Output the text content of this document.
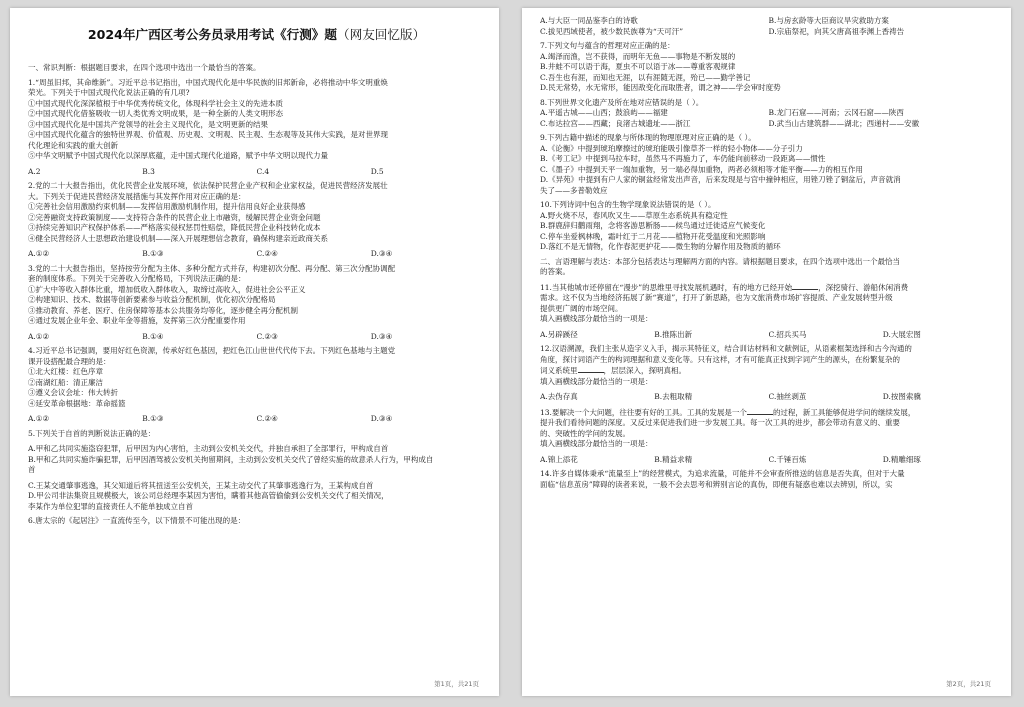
2024年广西区考公务员录用考试《行测》题（网友回忆版）
一、常识判断：根据题目要求，在四个选项中选出一个最恰当的答案。
1.“周虽旧邦，其命维新”。习近平总书记指出，中国式现代化是中华民族的旧邦新命，必将推动中华文明重焕
荣光。下列关于中国式现代化说法正确的有几项?
①中国式现代化深深植根于中华优秀传统文化，体现科学社会主义的先进本质
②中国式现代化借鉴吸收一切人类优秀文明成果，是一种全新的人类文明形态
③中国式现代化是中国共产党领导的社会主义现代化，是文明更新的结果
④中国式现代化蕴含的独特世界观、价值观、历史观、文明观、民主观、生态观等及其伟大实践，是对世界现
代化理论和实践的重大创新
⑤中华文明赋予中国式现代化以深厚底蕴，走中国式现代化道路，赋予中华文明以现代力量
A.2	B.3	C.4	D.5
2.党的二十大报告指出，优化民营企业发展环境，依法保护民营企业产权和企业家权益，促进民营经济发展壮
大。下列关于促进民营经济发展措施与其发挥作用对应正确的是：
①完善社会信用激励约束机制——发挥信用激励机制作用，提升信用良好企业获得感
②完善融资支持政策制度——支持符合条件的民营企业上市融资，缓解民营企业资金问题
③持续完善知识产权保护体系——严格落实侵权惩罚性赔偿，降低民营企业科技转化成本
④健全民营经济人士思想政治建设机制——深入开展理想信念教育，确保构建亲近政商关系
A.①②	B.①③	C.②④	D.③④
3.党的二十大报告指出，坚持按劳分配为主体、多种分配方式并存，构建初次分配、再分配、第三次分配协调配
套的制度体系。下列关于完善收入分配格局，下列说法正确的是：
①扩大中等收入群体比重，增加低收入群体收入，取缔过高收入，促进社会公平正义
②构建知识、技术、数据等创新要素参与收益分配机制，优化初次分配格局
③推动教育、养老、医疗、住房保障等基本公共服务均等化，逐步健全再分配机制
④通过发展企业年金、职业年金等措施，发挥第三次分配重要作用
A.①②	B.①④	C.②③	D.③④
4.习近平总书记强调，要用好红色资源，传承好红色基因，把红色江山世世代代传下去。下列红色基地与主题党
课开设搭配最合理的是：
①北大红楼：红色序章
②南湖红船：清正廉洁
③遵义会议会址：伟大转折
④延安革命根据地：革命摇篮
A.①②	B.①③	C.②④	D.③④
5.下列关于自首的判断说法正确的是：
A.甲和乙共同实施盗窃犯罪，后甲因为内心害怕，主动到公安机关交代，并独自承担了全部罪行，甲构成自首
B.甲和乙共同实施诈骗犯罪，后甲因酒驾被公安机关拘留期间，主动到公安机关交代了曾经实施的故意杀人行为，甲构成自
首
C.王某交通肇事逃逸，其父知道后将其扭送至公安机关，王某主动交代了其肇事逃逸行为，王某构成自首
D.甲公司非法集资且规模极大，该公司总经理李某因为害怕，瞒着其他高管偷偷到公安机关交代了相关情况，
李某作为单位犯罪的直接责任人不能单独成立自首
6.唐太宗的《起居注》一直流传至今，以下情景不可能出现的是：
第1页，共21页
A.与大臣一同品鉴李白的诗歌	B.与房玄龄等大臣商议旱灾救助方案
C.拔见西域使者，被少数民族尊为“天可汗”	D.宗庙祭祀，向其父唐高祖李渊上香祷告
7.下列文句与蕴含的哲理对应正确的是：
A.竭泽而渔，岂不获得，而明年无鱼——事物是不断发展的
B.井蛙不可以语于海，夏虫不可以语于冰——尊重客观规律
C.吾生也有涯，而知也无涯，以有涯随无涯，殆已——勤学善记
D.民无常势，水无常形，能因敌变化而取胜者，谓之神——学会审时度势
8.下列世界文化遗产及所在地对应错误的是（ ）。
A.平遥古城——山西；鼓浪屿——福建	B.龙门石窟——河南；云冈石窟——陕西
C.布达拉宫——西藏；良渚古城遗址——浙江	D.武当山古建筑群——湖北；西递村——安徽
9.下列古籍中描述的现象与所体现的物理原理对应正确的是（ ）。
A.《论衡》中提到琥珀摩擦过的琥珀能吸引像草芥一样的轻小物体——分子引力
B.《考工记》中提到马拉车时，虽然马不再施力了，车仍能向前移动一段距离——惯性
C.《墨子》中提到天平一端加重物，另一端必得加重物，两者必须相等才能平衡——力的相互作用
D.《异苑》中提到有户人家的铜盆经常发出声音，后来发现是与宫中撞钟相应，用锉刀锉了铜盆后，声音就消
失了——多普勒效应
10.下列诗词中包含的生物学现象说法错误的是（ ）。
A.野火烧不尽，春风吹又生——草原生态系统具有稳定性
B.群鹿辞归鹳雨翔，念将客游思断肠——候鸟通过迁徙适应气候变化
C.停车坐爱枫林晚，霜叶红于二月花——植物开花受温度和光照影响
D.落红不是无情物，化作春泥更护花——微生物的分解作用及物质的循环
二、言语理解与表达：本部分包括表达与理解两方面的内容。请根据题目要求，在四个选项中选出一个最恰当
的答案。
11.当其他城市还停留在“漫步”的思维里寻找发展机遇时，有的地方已经开始	，深挖骑行、游船休闲消费
需求。这不仅为当地经济拓展了新“赛道”，打开了新思路，也为文旅消费市场扩容提质、产业发展转型升级
提供更广阔的市场空间。
填入画横线部分最恰当的一项是：
A.另辟蹊径	B.推陈出新	C.招兵买马	D.大展宏图
12.汉语溯源，我们主张从造字义入手，揭示其特征义，结合训诂材料和文献例证，从语素框架选择和古今沟通的
角度，探讨词语产生的构词理据和意义变化等。只有这样，才有可能真正找到字词产生的源头，在纷繁复杂的
词义系统里	，层层深入，探明真相。
填入画横线部分最恰当的一项是：
A.去伪存真	B.去粗取精	C.抽丝剥茧	D.按图索骥
13.要解决一个大问题，往往要有好的工具。工具的发展是一个	的过程，新工具能够促进学问的继续发展，
提升我们看待问题的深度。又反过来促进我们进一步发展工具。每一次工具的进步，都会带动有意义的、重要
的、突破性的学问的发展。
填入画横线部分最恰当的一项是：
A.锦上添花	B.精益求精	C.千锤百炼	D.精雕细琢
14.许多自媒体秉承“流量至上”的经营模式，为追求流量，可能并不会审查所推送的信息是否失真，但对于大量
面临“信息茧房”障碍的读者来说，一般不会去思考和辨别言论的真伪，即便有疑惑也难以去辨别，所以，实
第2页，共21页
